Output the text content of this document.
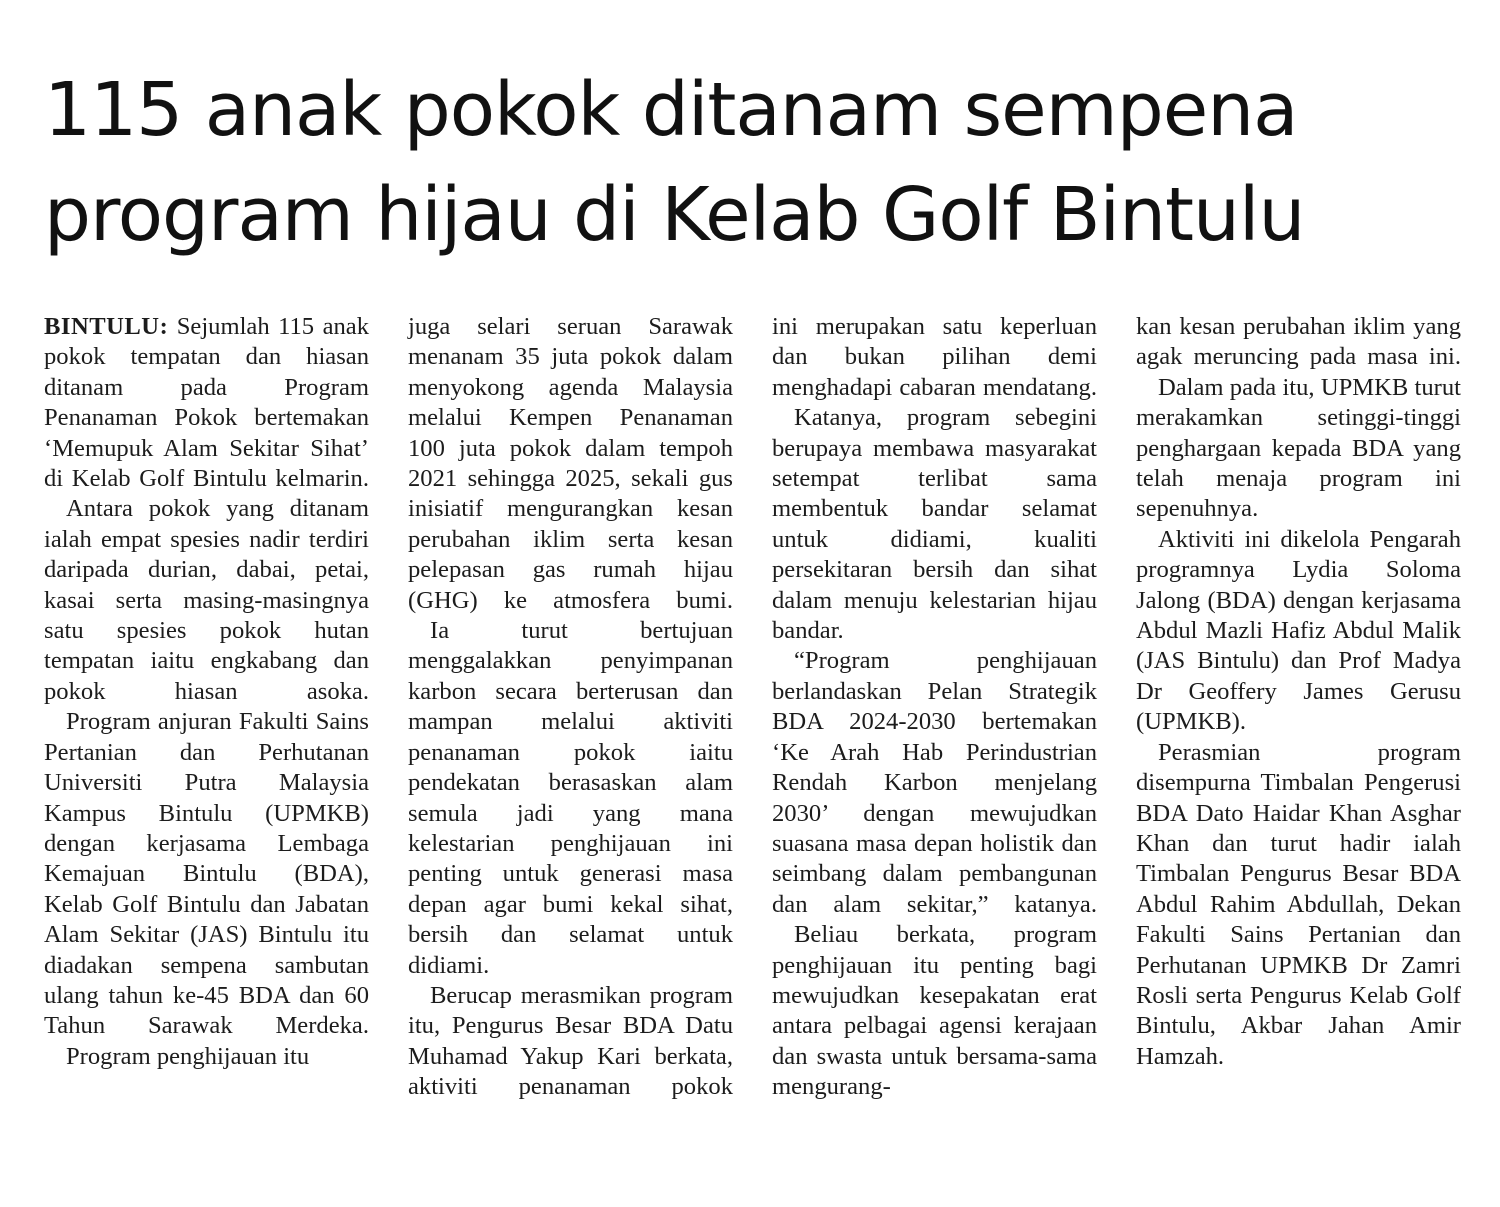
115 anak pokok ditanam sempena
program hijau di Kelab Golf Bintulu

BINTULU: Sejumlah 115 anak pokok tempatan dan hiasan ditanam pada Program Penanaman Pokok bertemakan ‘Memupuk Alam Sekitar Sihat’ di Kelab Golf Bintulu kelmarin.

Antara pokok yang ditanam ialah empat spesies nadir terdiri daripada durian, dabai, petai, kasai serta masing-masingnya satu spesies pokok hutan tempatan iaitu engkabang dan pokok hiasan asoka.

Program anjuran Fakulti Sains Pertanian dan Perhutanan Universiti Putra Malaysia Kampus Bintulu (UPMKB) dengan kerjasama Lembaga Kemajuan Bintulu (BDA), Kelab Golf Bintulu dan Jabatan Alam Sekitar (JAS) Bintulu itu diadakan sempena sambutan ulang tahun ke-45 BDA dan 60 Tahun Sarawak Merdeka.

Program penghijauan itu

juga selari seruan Sarawak menanam 35 juta pokok dalam menyokong agenda Malaysia melalui Kempen Penanaman 100 juta pokok dalam tempoh 2021 sehingga 2025, sekali gus inisiatif mengurangkan kesan perubahan iklim serta kesan pelepasan gas rumah hijau (GHG) ke atmosfera bumi.

Ia turut bertujuan menggalakkan penyimpanan karbon secara berterusan dan mampan melalui aktiviti penanaman pokok iaitu pendekatan berasaskan alam semula jadi yang mana kelestarian penghijauan ini penting untuk generasi masa depan agar bumi kekal sihat, bersih dan selamat untuk didiami.

Berucap merasmikan program itu, Pengurus Besar BDA Datu Muhamad Yakup Kari berkata, aktiviti penanaman pokok

ini merupakan satu keperluan dan bukan pilihan demi menghadapi cabaran mendatang.

Katanya, program sebegini berupaya membawa masyarakat setempat terlibat sama membentuk bandar selamat untuk didiami, kualiti persekitaran bersih dan sihat dalam menuju kelestarian hijau bandar.

“Program penghijauan berlandaskan Pelan Strategik BDA 2024-2030 bertemakan ‘Ke Arah Hab Perindustrian Rendah Karbon menjelang 2030’ dengan mewujudkan suasana masa depan holistik dan seimbang dalam pembangunan dan alam sekitar,” katanya.

Beliau berkata, program penghijauan itu penting bagi mewujudkan kesepakatan erat antara pelbagai agensi kerajaan dan swasta untuk bersama-sama mengurang-

kan kesan perubahan iklim yang agak meruncing pada masa ini.

Dalam pada itu, UPMKB turut merakamkan setinggi-tinggi penghargaan kepada BDA yang telah menaja program ini sepenuhnya.

Aktiviti ini dikelola Pengarah programnya Lydia Soloma Jalong (BDA) dengan kerjasama Abdul Mazli Hafiz Abdul Malik (JAS Bintulu) dan Prof Madya Dr Geoffery James Gerusu (UPMKB).

Perasmian program disempurna Timbalan Pengerusi BDA Dato Haidar Khan Asghar Khan dan turut hadir ialah Timbalan Pengurus Besar BDA Abdul Rahim Abdullah, Dekan Fakulti Sains Pertanian dan Perhutanan UPMKB Dr Zamri Rosli serta Pengurus Kelab Golf Bintulu, Akbar Jahan Amir Hamzah.
